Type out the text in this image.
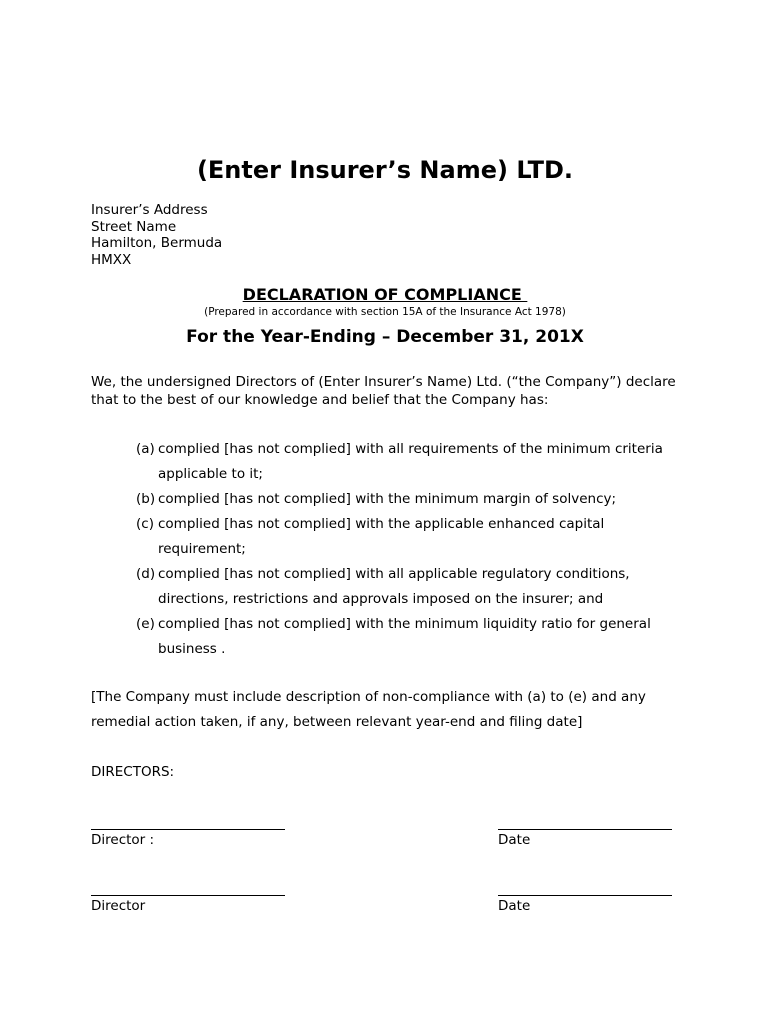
(Enter Insurer’s Name) LTD.
Insurer’s Address
Street Name
Hamilton, Bermuda
HMXX
DECLARATION OF COMPLIANCE
(Prepared in accordance with section 15A of the Insurance Act 1978)
For the Year-Ending – December 31, 201X
We, the undersigned Directors of (Enter Insurer’s Name) Ltd. (“the Company”) declare that to the best of our knowledge and belief that the Company has:
(a) complied [has not complied] with all requirements of the minimum criteria applicable to it;
(b) complied [has not complied] with the minimum margin of solvency;
(c) complied [has not complied] with the applicable enhanced capital requirement;
(d) complied [has not complied] with all applicable regulatory conditions, directions, restrictions and approvals imposed on the insurer; and
(e) complied [has not complied] with the minimum liquidity ratio for general business .
[The Company must include description of non-compliance with (a) to (e) and any remedial action taken, if any, between relevant year-end and filing date]
DIRECTORS:
Director :	Date
Director	Date
